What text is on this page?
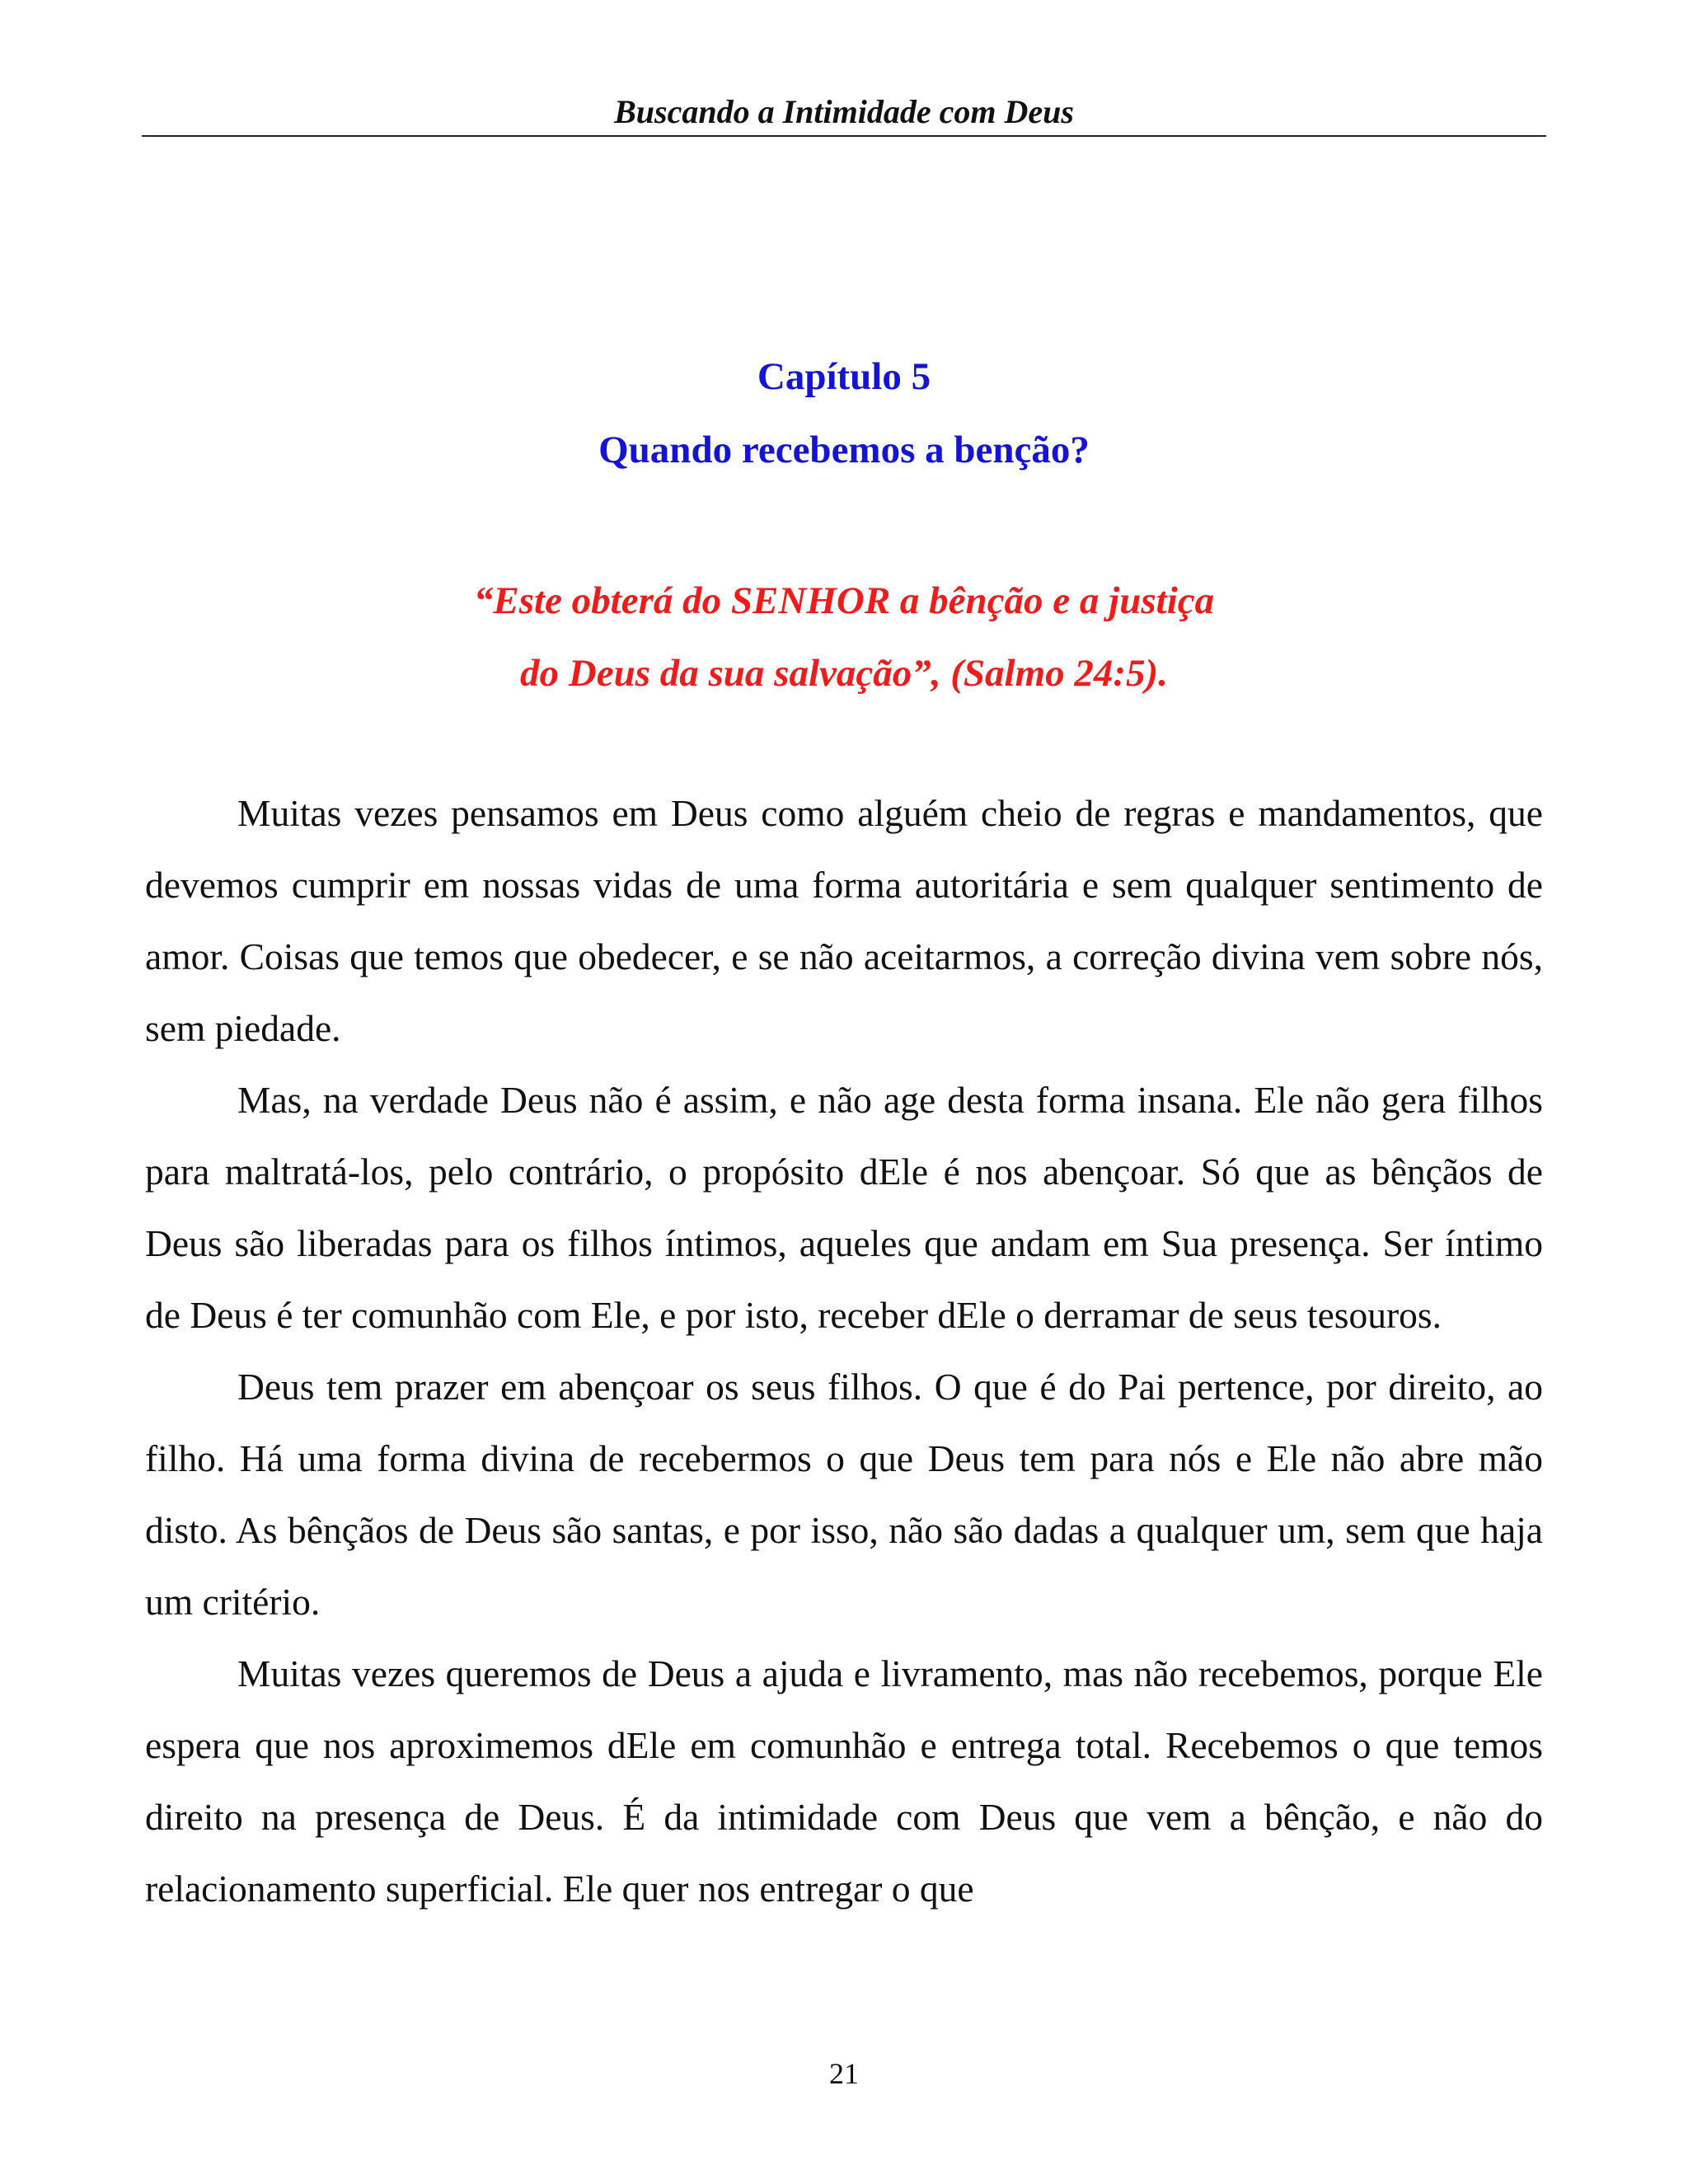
Buscando a Intimidade com Deus
Capítulo 5
Quando recebemos a benção?
“Este obterá do SENHOR a bênção e a justiça
do Deus da sua salvação”, (Salmo 24:5).

Muitas vezes pensamos em Deus como alguém cheio de regras e mandamentos, que devemos cumprir em nossas vidas de uma forma autoritária e sem qualquer sentimento de amor. Coisas que temos que obedecer, e se não aceitarmos, a correção divina vem sobre nós, sem piedade.

Mas, na verdade Deus não é assim, e não age desta forma insana. Ele não gera filhos para maltratá-los, pelo contrário, o propósito dEle é nos abençoar. Só que as bênçãos de Deus são liberadas para os filhos íntimos, aqueles que andam em Sua presença. Ser íntimo de Deus é ter comunhão com Ele, e por isto, receber dEle o derramar de seus tesouros.

Deus tem prazer em abençoar os seus filhos. O que é do Pai pertence, por direito, ao filho. Há uma forma divina de recebermos o que Deus tem para nós e Ele não abre mão disto. As bênçãos de Deus são santas, e por isso, não são dadas a qualquer um, sem que haja um critério.

Muitas vezes queremos de Deus a ajuda e livramento, mas não recebemos, porque Ele espera que nos aproximemos dEle em comunhão e entrega total. Recebemos o que temos direito na presença de Deus. É da intimidade com Deus que vem a bênção, e não do relacionamento superficial. Ele quer nos entregar o que

21
